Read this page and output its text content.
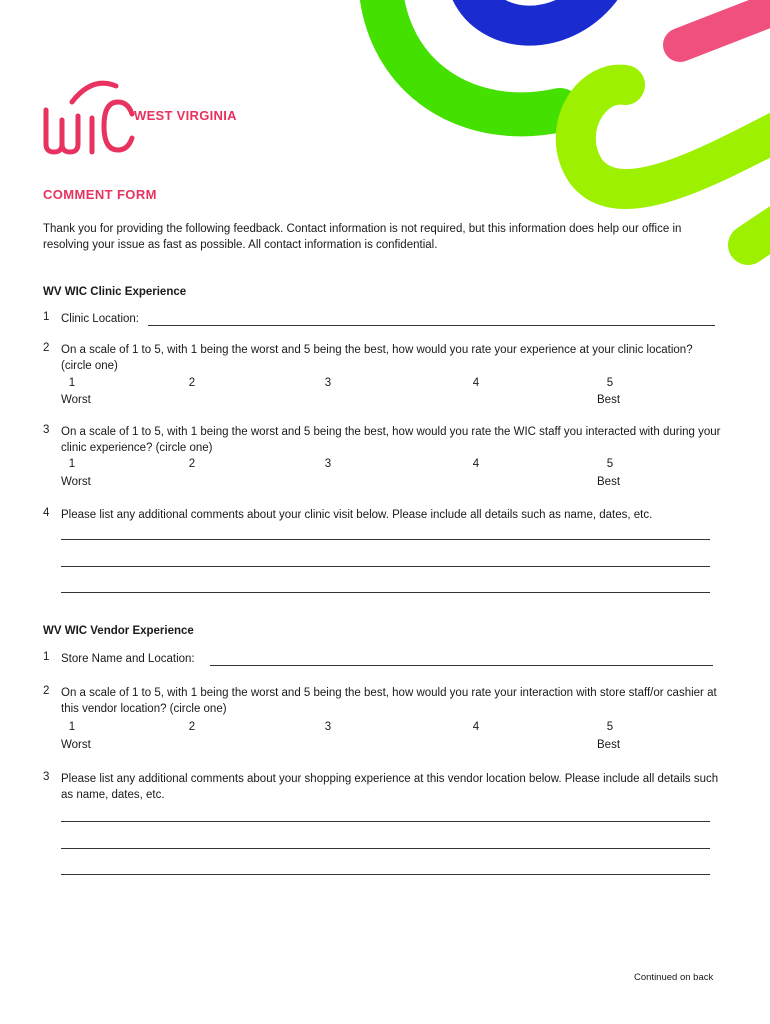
WEST VIRGINIA
COMMENT FORM
Thank you for providing the following feedback. Contact information is not required, but this information does help our office in resolving your issue as fast as possible. All contact information is confidential.
WV WIC Clinic Experience
1	Clinic Location:
2	On a scale of 1 to 5, with 1 being the worst and 5 being the best, how would you rate your experience at your clinic location? (circle one)
1	2	3	4	5
Worst	Best
3	On a scale of 1 to 5, with 1 being the worst and 5 being the best, how would you rate the WIC staff you interacted with during your clinic experience? (circle one)
1	2	3	4	5
Worst	Best
4	Please list any additional comments about your clinic visit below. Please include all details such as name, dates, etc.
WV WIC Vendor Experience
1	Store Name and Location:
2	On a scale of 1 to 5, with 1 being the worst and 5 being the best, how would you rate your interaction with store staff/or cashier at this vendor location? (circle one)
1	2	3	4	5
Worst	Best
3	Please list any additional comments about your shopping experience at this vendor location below. Please include all details such as name, dates, etc.
Continued on back
